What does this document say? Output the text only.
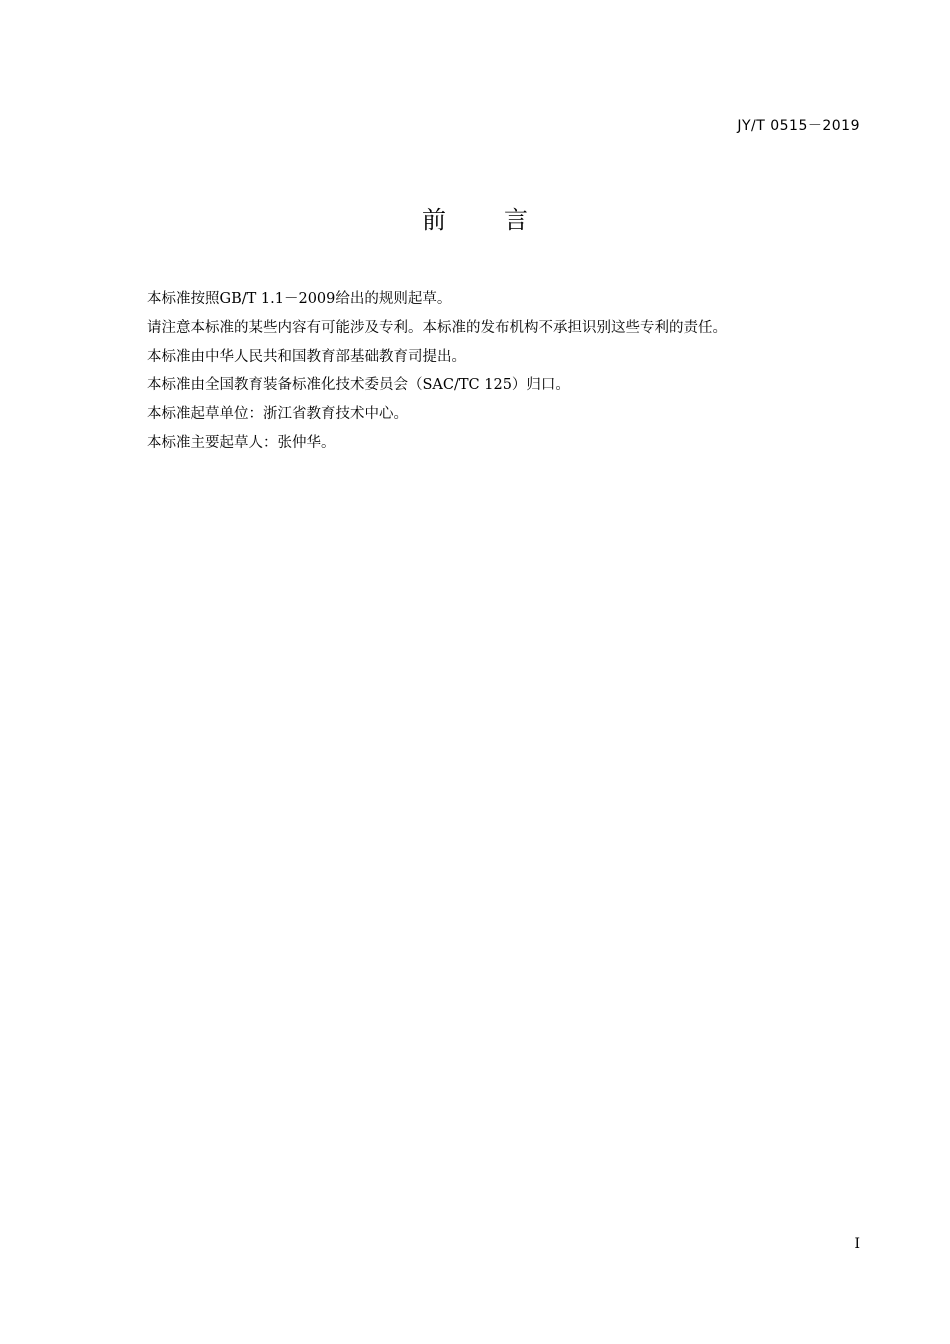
JY/T 0515－2019
前言
本标准按照GB/T 1.1－2009给出的规则起草。
请注意本标准的某些内容有可能涉及专利。本标准的发布机构不承担识别这些专利的责任。
本标准由中华人民共和国教育部基础教育司提出。
本标准由全国教育装备标准化技术委员会（SAC/TC 125）归口。
本标准起草单位：浙江省教育技术中心。
本标准主要起草人：张仲华。
I
